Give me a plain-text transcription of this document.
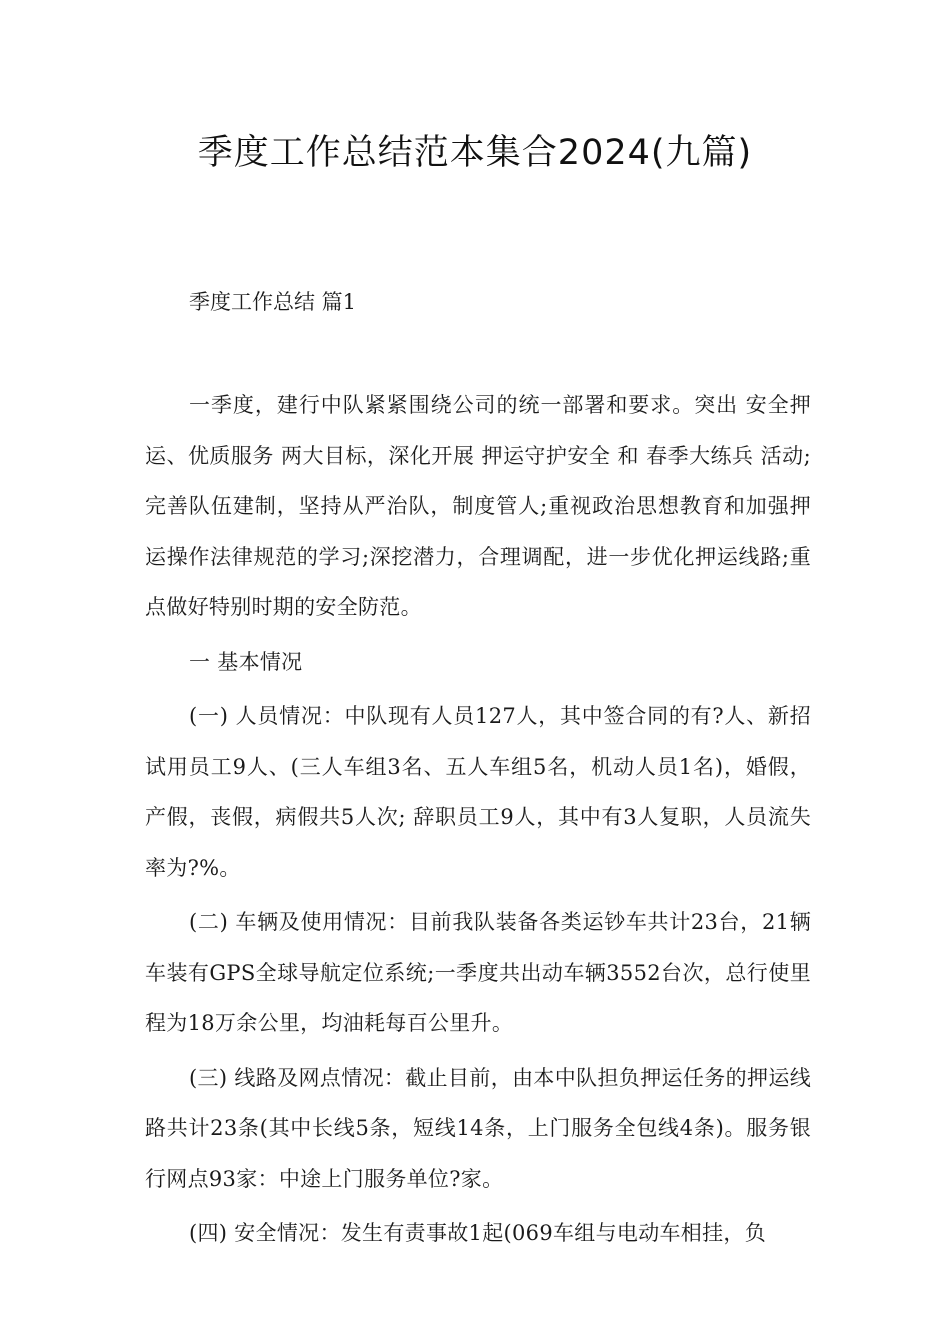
季度工作总结范本集合2024(九篇)
季度工作总结 篇1

一季度，建行中队紧紧围绕公司的统一部署和要求。突出 安全押运、优质服务 两大目标，深化开展 押运守护安全 和 春季大练兵 活动;完善队伍建制，坚持从严治队，制度管人;重视政治思想教育和加强押运操作法律规范的学习;深挖潜力，合理调配，进一步优化押运线路;重点做好特别时期的安全防范。

一 基本情况

(一) 人员情况：中队现有人员127人，其中签合同的有?人、新招试用员工9人、(三人车组3名、五人车组5名，机动人员1名)，婚假，产假，丧假，病假共5人次; 辞职员工9人，其中有3人复职，人员流失率为?%。

(二) 车辆及使用情况：目前我队装备各类运钞车共计23台，21辆车装有GPS全球导航定位系统;一季度共出动车辆3552台次，总行使里程为18万余公里，均油耗每百公里升。

(三) 线路及网点情况：截止目前，由本中队担负押运任务的押运线路共计23条(其中长线5条，短线14条，上门服务全包线4条)。服务银行网点93家：中途上门服务单位?家。

(四) 安全情况：发生有责事故1起(069车组与电动车相挂，负
